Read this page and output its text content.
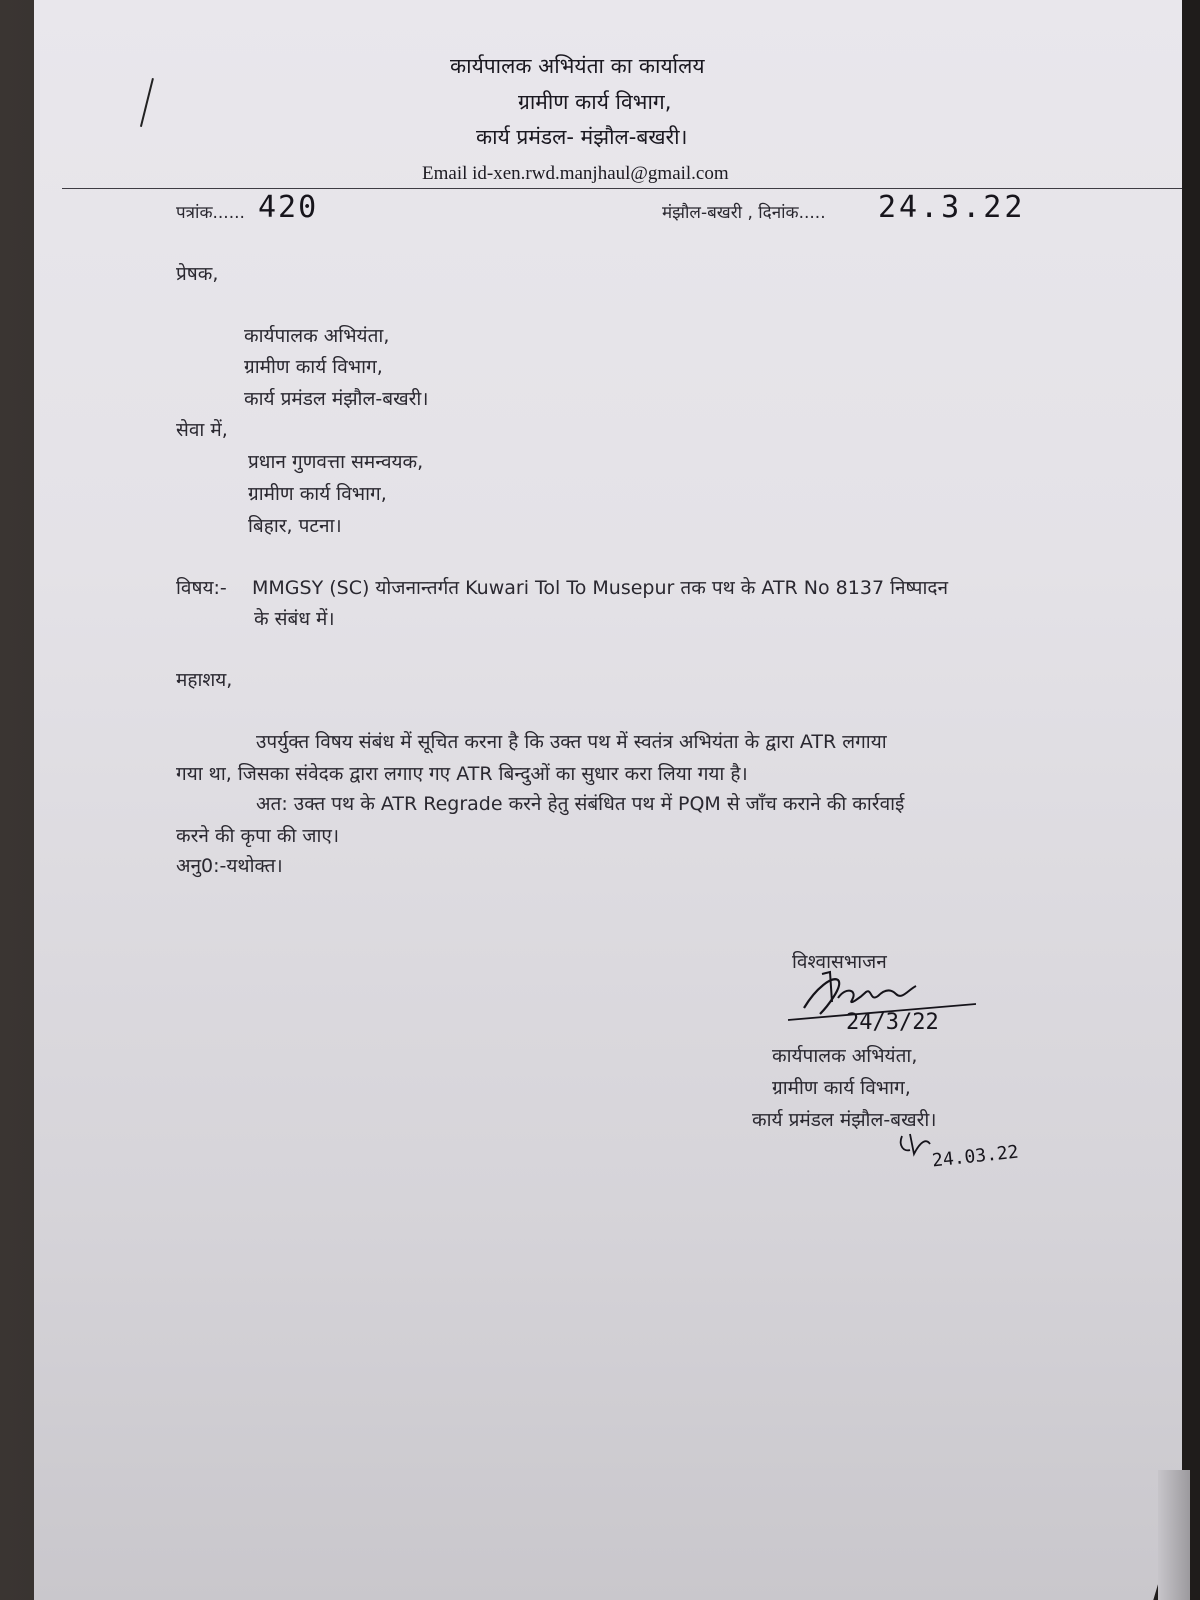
कार्यपालक अभियंता का कार्यालय
ग्रामीण कार्य विभाग,
कार्य प्रमंडल- मंझौल-बखरी।
Email id-xen.rwd.manjhaul@gmail.com
पत्रांक...... 420	मंझौल-बखरी , दिनांक..... 24.3.22
प्रेषक,
कार्यपालक अभियंता,
ग्रामीण कार्य विभाग,
कार्य प्रमंडल मंझौल-बखरी।
सेवा में,
प्रधान गुणवत्ता समन्वयक,
ग्रामीण कार्य विभाग,
बिहार, पटना।
विषय:- MMGSY (SC) योजनान्तर्गत Kuwari Tol To Musepur तक पथ के ATR No 8137 निष्पादन
के संबंध में।
महाशय,
उपर्युक्त विषय संबंध में सूचित करना है कि उक्त पथ में स्वतंत्र अभियंता के द्वारा ATR लगाया
गया था, जिसका संवेदक द्वारा लगाए गए ATR बिन्दुओं का सुधार करा लिया गया है।
अत: उक्त पथ के ATR Regrade करने हेतु संबंधित पथ में PQM से जाँच कराने की कार्रवाई
करने की कृपा की जाए।
अनु0:-यथोक्त।
विश्वासभाजन
24/3/22
कार्यपालक अभियंता,
ग्रामीण कार्य विभाग,
कार्य प्रमंडल मंझौल-बखरी।
24.03.22
